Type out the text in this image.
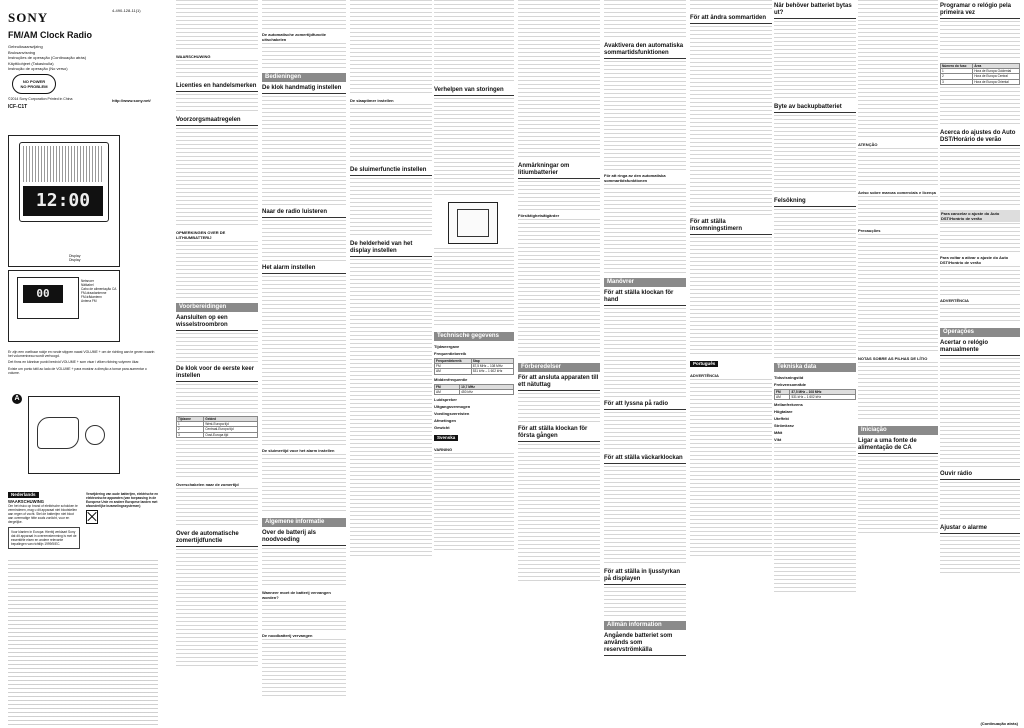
SONY
FM/AM Clock Radio
Gebruiksaanwijzing
Bruksanvisning
Instruções de operação (Continuação atrás)
Käyttöohjeet (Takasivulla)
Instrução de operação (No verso)
NO POWER
NO PROBLEM
©2014 Sony Corporation Printed in China
ICF-C1T
12:00
Display
Display
00
Netsnoer
Nätkabel
Cabo de alimentação CA
FM-draadantenne
FM-trådantenn
Antena FM

Er zijn een voelbaar nokje en ronde stippen naast VOLUME + om de richting aan te geven waarin het volumeniveau wordt verhoogd.

Det finns en kännbar punkt bredvid VOLUME + som visar i vilken riktning volymen ökar.

Existe um ponto tátil ao lado de VOLUME + para mostrar a direção a tomar para aumentar o volume.

A
Nederlands
WAARSCHUWING

Om het risico op brand of elektrische schokken te verminderen, mag u dit apparaat niet blootstellen aan regen of vocht. Stel de batterijen niet bloot aan overmatige hitte zoals zonlicht, vuur en dergelijke.

Voor klanten in Europa: Hierbij verklaart Sony dat dit apparaat in overeenstemming is met de essentiële eisen en andere relevante bepalingen van richtlijn 1999/5/EC.
Verwijdering van oude batterijen, elektrische en elektronische apparaten (van toepassing in de Europese Unie en andere Europese landen met afzonderlijke inzamelingssystemen)
4-490-128-11(1)
http://www.sony.net/
WAARSCHUWING
Licenties en handelsmerken
Voorzorgsmaatregelen
OPMERKINGEN OVER DE LITHIUMBATTERIJ
Voorbereidingen
Aansluiten op een wisselstroombron
De klok voor de eerste keer instellen
Tijdzone	Gebied
1	West-Europa tijd
2	Centraal-Europa tijd
3	Oost-Europa tijd
Overschakelen naar de zomertijd
Over de automatische zomertijdfunctie
De automatische zomertijdfunctie uitschakelen
Bedieningen
De klok handmatig instellen
Naar de radio luisteren
Het alarm instellen
De sluimertijd voor het alarm instellen
Algemene informatie
Over de batterij als noodvoeding
Wanneer moet de batterij vervangen worden?
De noodbatterij vervangen
De slaaptimer instellen
De sluimerfunctie instellen
De helderheid van het display instellen
Verhelpen van storingen
Technische gegevens
Tijdweergave
Frequentiebereik
Frequentiebereik	Stap
FM	87,5 MHz – 108 MHz
AM	531 kHz – 1 602 kHz
Middenfrequentie
FM	10,7 MHz
AM	450 kHz
Luidspreker
Uitgangsvermogen
Voedingsvereisten
Afmetingen
Gewicht
Svenska
VARNING
Anmärkningar om litiumbatterier
Försiktighetsåtgärder
Förberedelser
För att ansluta apparaten till ett nätuttag
För att ställa klockan för första gången
Avaktivera den automatiska sommartidsfunktionen
För att ringa av den automatiska sommartidsfunktionen
Manövrer
För att ställa klockan för hand
För att lyssna på radio
För att ställa väckarklockan
För att ställa in ljusstyrkan på displayen
Allmän information
Angående batteriet som används som reservströmkälla
För att ändra sommartiden
För att ställa insomningstimern
Português
ADVERTÊNCIA
När behöver batteriet bytas ut?
Byte av backupbatteriet
Felsökning
Tekniska data
Tidsvisningstid
Frekvensområde
FM	87,5 MHz – 108 MHz
AM	531 kHz – 1 602 kHz
Mellanfrekvens
Högtalare
Uteffekt
Strömkrav
Mått
Vikt
ATENÇÃO
Aviso sobre marcas comerciais e licença
Precauções
NOTAS SOBRE AS PILHAS DE LÍTIO
Iniciação
Ligar a uma fonte de alimentação de CA
Programar o relógio pela primeira vez
Número do fuso	Área
1	Hora de Europa Ocidental
2	Hora de Europa Central
3	Hora de Europa Oriental
Acerca do ajustes do Auto DST/Horário de verão
Para cancelar o ajuste do Auto DST/Horário de verão
Para voltar a ativar o ajuste do Auto DST/Horário de verão
ADVERTÊNCIA
Operações
Acertar o relógio manualmente
Ouvir rádio
Ajustar o alarme
(Continuação atrás)
